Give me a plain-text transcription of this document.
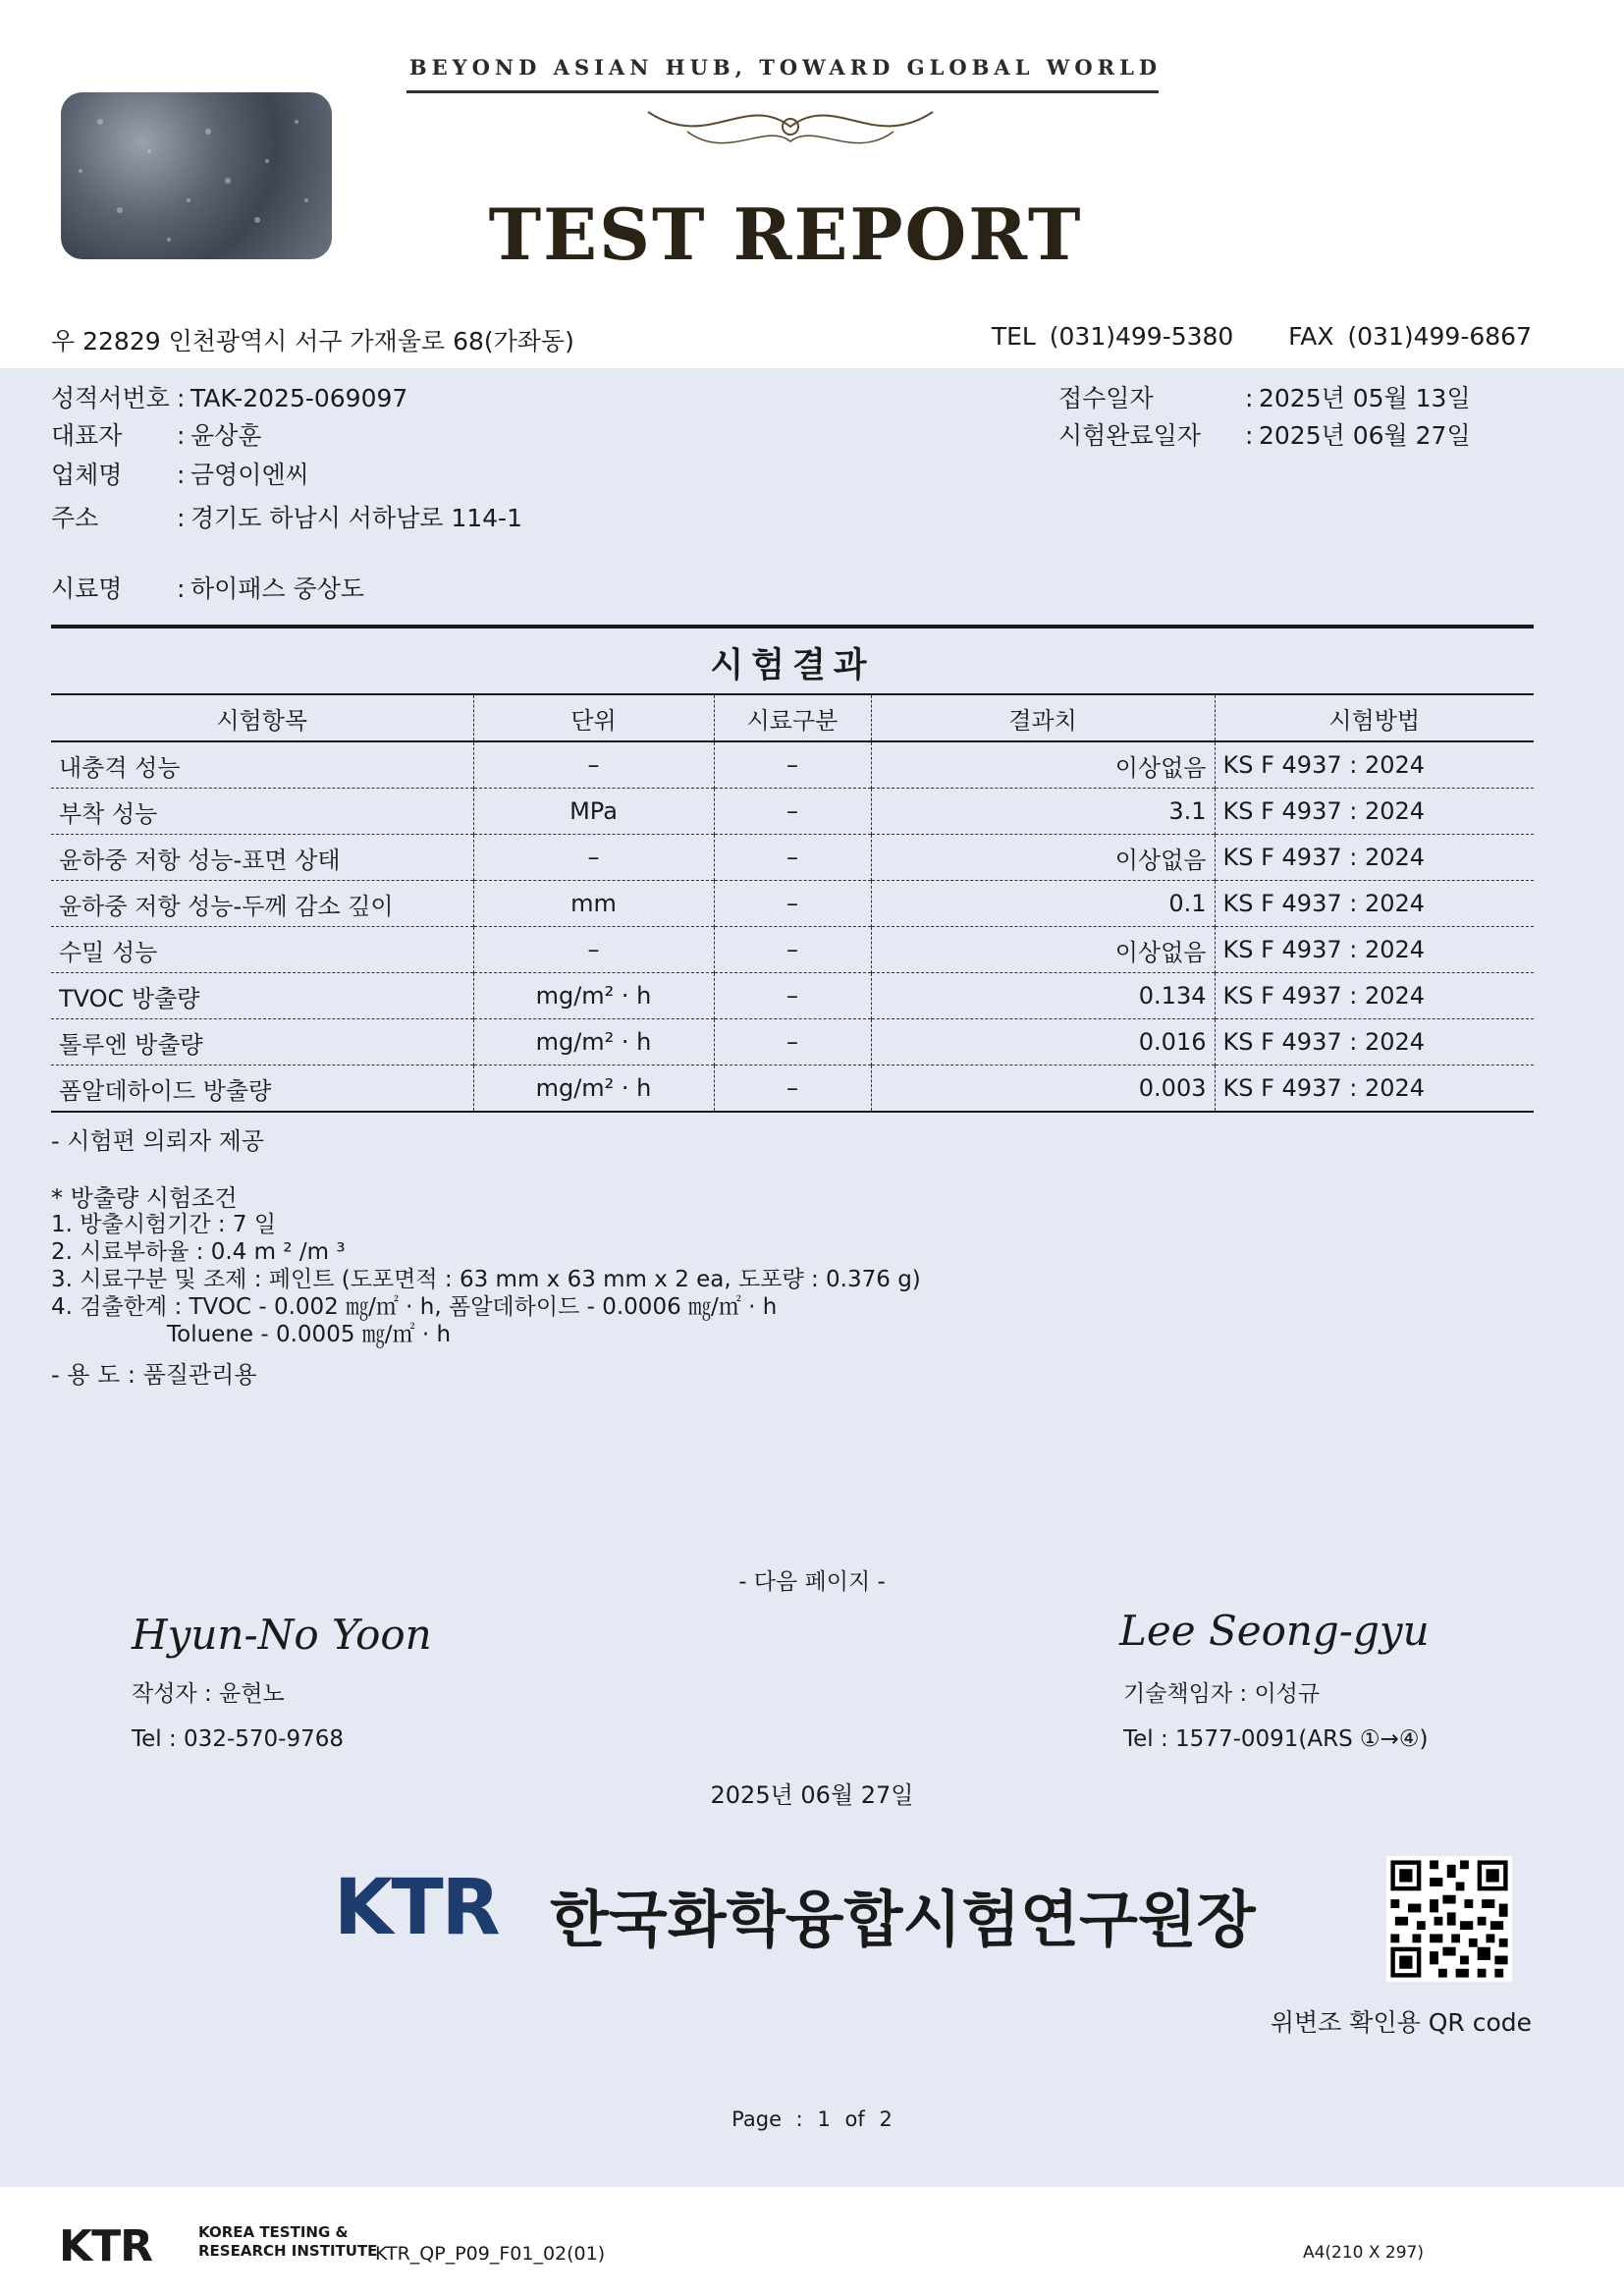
BEYOND ASIAN HUB, TOWARD GLOBAL WORLD
TEST REPORT
우 22829 인천광역시 서구 가재울로 68(가좌동)	TEL (031)499-5380 FAX (031)499-6867
성적서번호 : TAK-2025-069097
대표자 : 윤상훈
업체명 : 금영이엔씨
주소	: 경기도 하남시 서하남로 114-1
시료명 : 하이패스 중상도
접수일자	: 2025년 05월 13일
시험완료일자 : 2025년 06월 27일
시험결과
시험항목	단위	시료구분	결과치	시험방법
내충격 성능	–	–	이상없음	KS F 4937 : 2024
부착 성능	MPa	–	3.1	KS F 4937 : 2024
윤하중 저항 성능-표면 상태	–	–	이상없음	KS F 4937 : 2024
윤하중 저항 성능-두께 감소 깊이	mm	–	0.1	KS F 4937 : 2024
수밀 성능	–	–	이상없음	KS F 4937 : 2024
TVOC 방출량	mg/m² · h	–	0.134	KS F 4937 : 2024
톨루엔 방출량	mg/m² · h	–	0.016	KS F 4937 : 2024
폼알데하이드 방출량	mg/m² · h	–	0.003	KS F 4937 : 2024
- 시험편 의뢰자 제공
* 방출량 시험조건
1. 방출시험기간 : 7 일
2. 시료부하율 : 0.4 m ² /m ³
3. 시료구분 및 조제 : 페인트 (도포면적 : 63 mm x 63 mm x 2 ea, 도포량 : 0.376 g)
4. 검출한계 : TVOC - 0.002 ㎎/㎡ · h, 폼알데하이드 - 0.0006 ㎎/㎡ · h
Toluene - 0.0005 ㎎/㎡ · h
- 용 도 : 품질관리용
- 다음 페이지 -
Hyun-No Yoon
작성자 : 윤현노
Tel : 032-570-9768
Lee Seong-gyu
기술책임자 : 이성규
Tel : 1577-0091(ARS ①→④)
2025년 06월 27일
KTR 한국화학융합시험연구원장
위변조 확인용 QR code
Page : 1 of 2
KTR	KOREA TESTING &
RESEARCH INSTITUTE
KTR_QP_P09_F01_02(01)	A4(210 X 297)
